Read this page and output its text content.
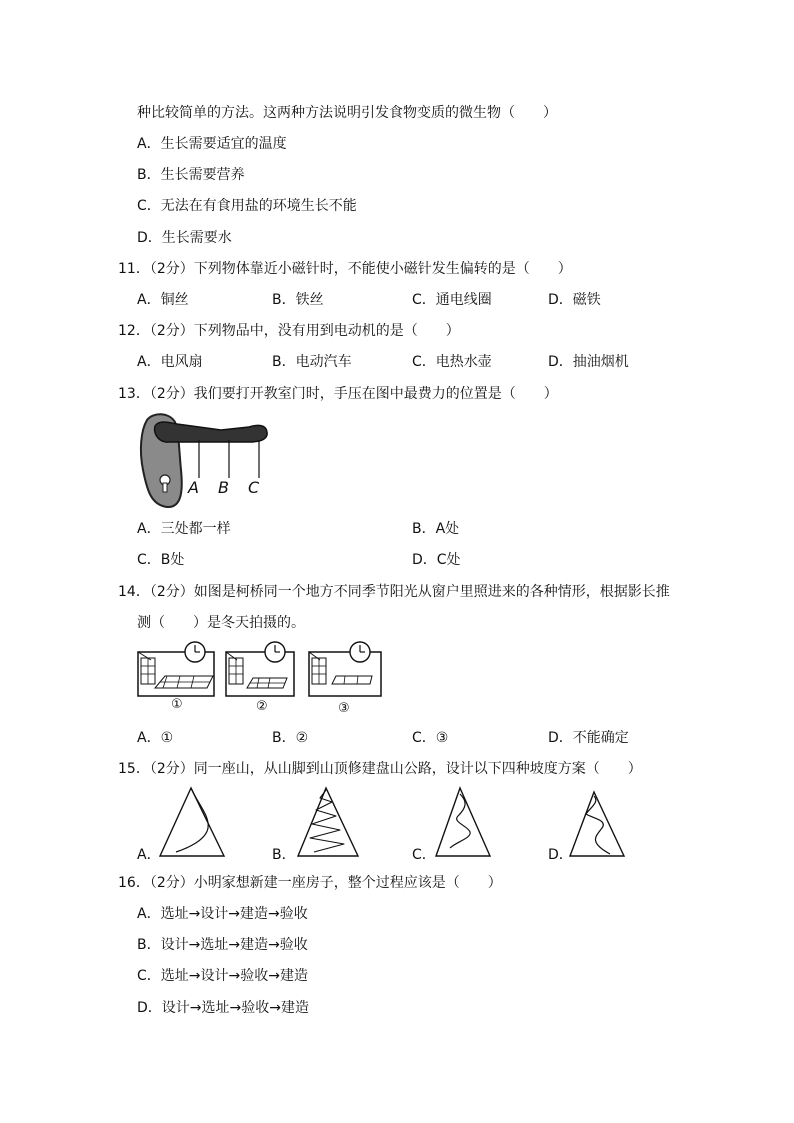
种比较简单的方法。这两种方法说明引发食物变质的微生物（　　）
A．生长需要适宜的温度
B．生长需要营养
C．无法在有食用盐的环境生长不能
D．生长需要水
11．（2分）下列物体靠近小磁针时，不能使小磁针发生偏转的是（　　）
A．铜丝	B．铁丝	C．通电线圈	D．磁铁
12．（2分）下列物品中，没有用到电动机的是（　　）
A．电风扇	B．电动汽车	C．电热水壶	D．抽油烟机
13．（2分）我们要打开教室门时，手压在图中最费力的位置是（　　）
A B C
A．三处都一样	B．A处
C．B处	D．C处
14．（2分）如图是柯桥同一个地方不同季节阳光从窗户里照进来的各种情形，根据影长推
测（　　）是冬天拍摄的。
①	②	③
A．①	B．②	C．③	D．不能确定
15．（2分）同一座山，从山脚到山顶修建盘山公路，设计以下四种坡度方案（　　）
A．	B．	C．	D．
16．（2分）小明家想新建一座房子，整个过程应该是（　　）
A．选址→设计→建造→验收
B．设计→选址→建造→验收
C．选址→设计→验收→建造
D．设计→选址→验收→建造
